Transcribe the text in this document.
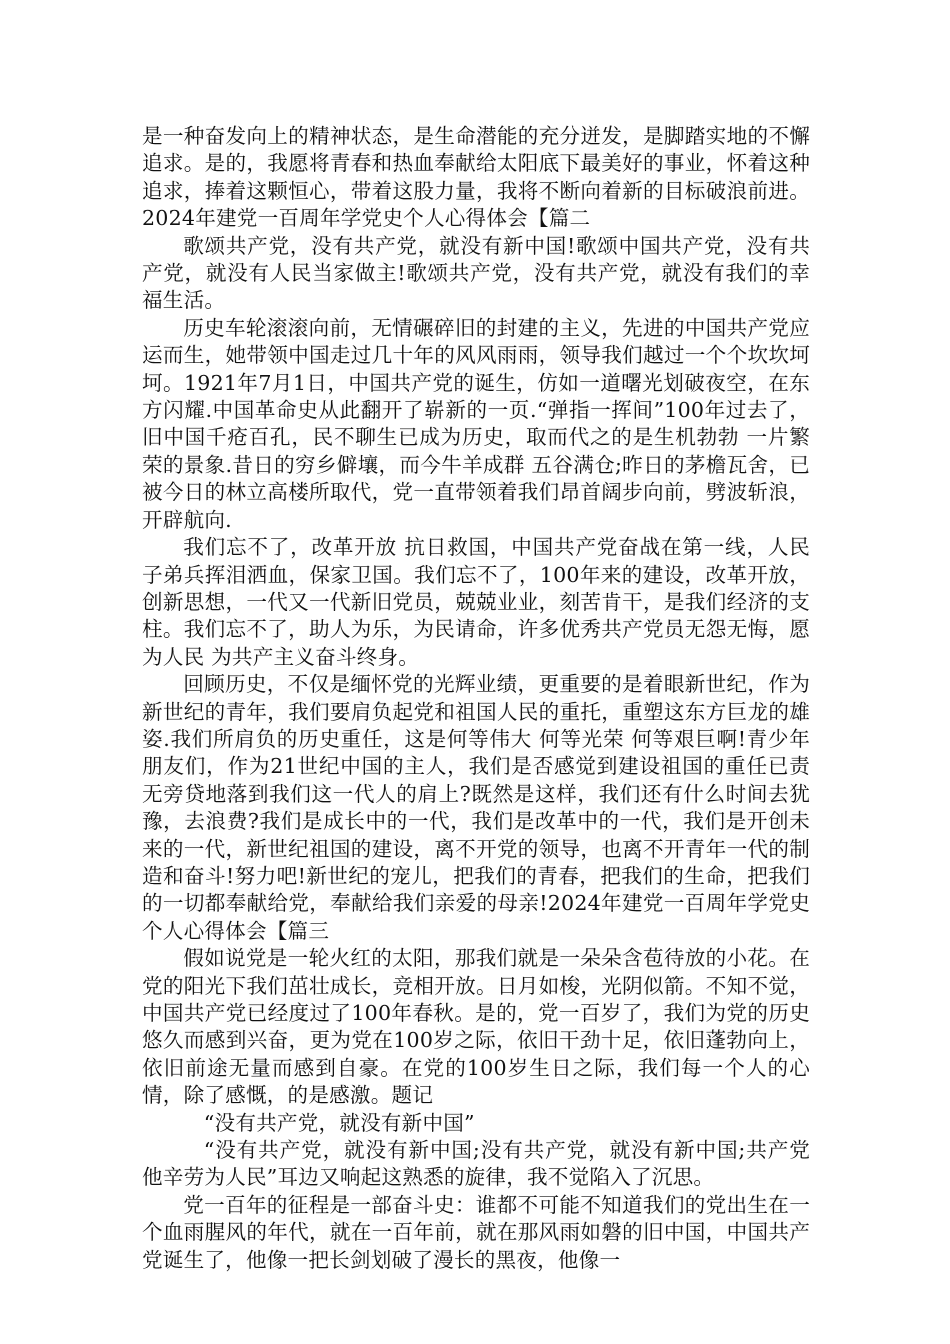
是一种奋发向上的精神状态，是生命潜能的充分迸发，是脚踏实地的不懈追求。是的，我愿将青春和热血奉献给太阳底下最美好的事业，怀着这种追求，捧着这颗恒心，带着这股力量，我将不断向着新的目标破浪前进。2024年建党一百周年学党史个人心得体会【篇二

歌颂共产党，没有共产党，就没有新中国!歌颂中国共产党，没有共产党，就没有人民当家做主!歌颂共产党，没有共产党，就没有我们的幸福生活。

历史车轮滚滚向前，无情碾碎旧的封建的主义，先进的中国共产党应运而生，她带领中国走过几十年的风风雨雨，领导我们越过一个个坎坎坷坷。1921年7月1日，中国共产党的诞生，仿如一道曙光划破夜空，在东方闪耀.中国革命史从此翻开了崭新的一页.“弹指一挥间”100年过去了，旧中国千疮百孔，民不聊生已成为历史，取而代之的是生机勃勃 一片繁荣的景象.昔日的穷乡僻壤，而今牛羊成群 五谷满仓;昨日的茅檐瓦舍，已被今日的林立高楼所取代，党一直带领着我们昂首阔步向前，劈波斩浪，开辟航向.

我们忘不了，改革开放 抗日救国，中国共产党奋战在第一线，人民子弟兵挥泪洒血，保家卫国。我们忘不了，100年来的建设，改革开放，创新思想，一代又一代新旧党员，兢兢业业，刻苦肯干，是我们经济的支柱。我们忘不了，助人为乐，为民请命，许多优秀共产党员无怨无悔，愿为人民 为共产主义奋斗终身。

回顾历史，不仅是缅怀党的光辉业绩，更重要的是着眼新世纪，作为新世纪的青年，我们要肩负起党和祖国人民的重托，重塑这东方巨龙的雄姿.我们所肩负的历史重任，这是何等伟大 何等光荣 何等艰巨啊!青少年朋友们，作为21世纪中国的主人，我们是否感觉到建设祖国的重任已责无旁贷地落到我们这一代人的肩上?既然是这样，我们还有什么时间去犹豫，去浪费?我们是成长中的一代，我们是改革中的一代，我们是开创未来的一代，新世纪祖国的建设，离不开党的领导，也离不开青年一代的制造和奋斗!努力吧!新世纪的宠儿，把我们的青春，把我们的生命，把我们的一切都奉献给党，奉献给我们亲爱的母亲!2024年建党一百周年学党史个人心得体会【篇三

假如说党是一轮火红的太阳，那我们就是一朵朵含苞待放的小花。在党的阳光下我们茁壮成长，竞相开放。日月如梭，光阴似箭。不知不觉，中国共产党已经度过了100年春秋。是的，党一百岁了，我们为党的历史悠久而感到兴奋，更为党在100岁之际，依旧干劲十足，依旧蓬勃向上，依旧前途无量而感到自豪。在党的100岁生日之际，我们每一个人的心情，除了感慨，的是感激。题记

“没有共产党，就没有新中国”

“没有共产党，就没有新中国;没有共产党，就没有新中国;共产党他辛劳为人民”耳边又响起这熟悉的旋律，我不觉陷入了沉思。

党一百年的征程是一部奋斗史：谁都不可能不知道我们的党出生在一个血雨腥风的年代，就在一百年前，就在那风雨如磐的旧中国，中国共产党诞生了，他像一把长剑划破了漫长的黑夜，他像一
